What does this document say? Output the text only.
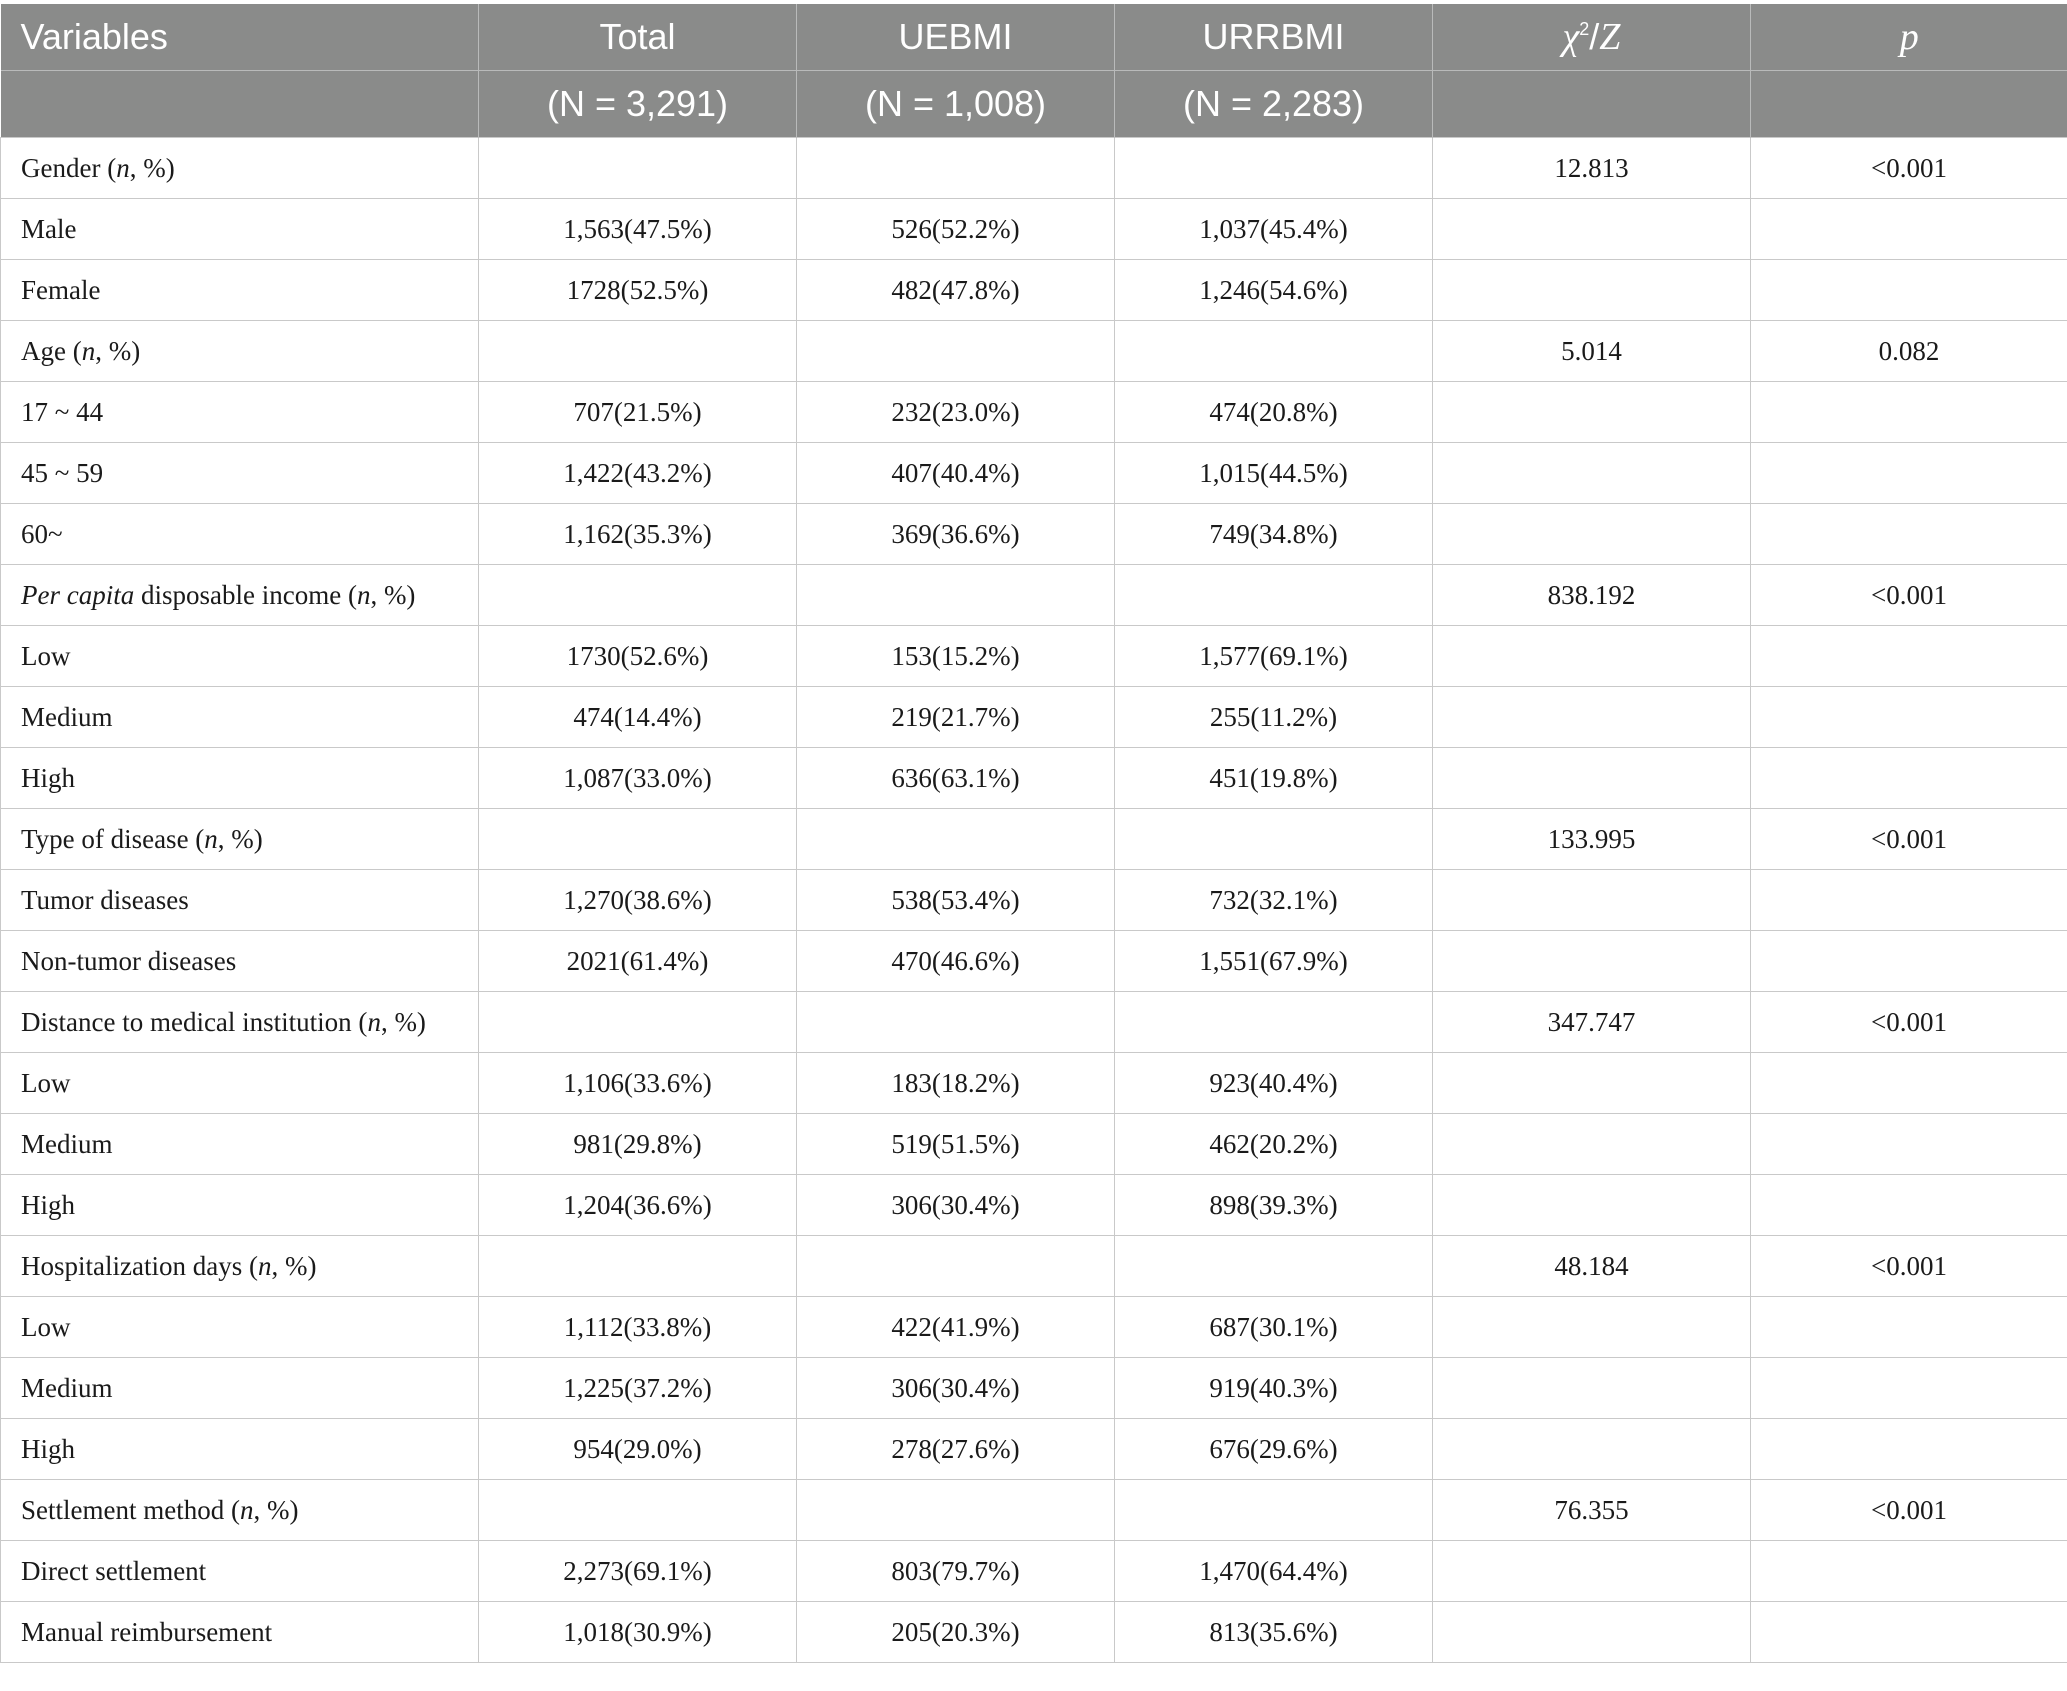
Variables	Total	UEBMI	URRBMI	$\chi^2/Z$	p
	(N = 3,291)	(N = 1,008)	(N = 2,283)		
Gender (n, %)				12.813	<0.001
Male	1,563(47.5%)	526(52.2%)	1,037(45.4%)		
Female	1728(52.5%)	482(47.8%)	1,246(54.6%)		
Age (n, %)				5.014	0.082
17 ~ 44	707(21.5%)	232(23.0%)	474(20.8%)		
45 ~ 59	1,422(43.2%)	407(40.4%)	1,015(44.5%)		
60~	1,162(35.3%)	369(36.6%)	749(34.8%)		
Per capita disposable income (n, %)				838.192	<0.001
Low	1730(52.6%)	153(15.2%)	1,577(69.1%)		
Medium	474(14.4%)	219(21.7%)	255(11.2%)		
High	1,087(33.0%)	636(63.1%)	451(19.8%)		
Type of disease (n, %)				133.995	<0.001
Tumor diseases	1,270(38.6%)	538(53.4%)	732(32.1%)		
Non-tumor diseases	2021(61.4%)	470(46.6%)	1,551(67.9%)		
Distance to medical institution (n, %)				347.747	<0.001
Low	1,106(33.6%)	183(18.2%)	923(40.4%)		
Medium	981(29.8%)	519(51.5%)	462(20.2%)		
High	1,204(36.6%)	306(30.4%)	898(39.3%)		
Hospitalization days (n, %)				48.184	<0.001
Low	1,112(33.8%)	422(41.9%)	687(30.1%)		
Medium	1,225(37.2%)	306(30.4%)	919(40.3%)		
High	954(29.0%)	278(27.6%)	676(29.6%)		
Settlement method (n, %)				76.355	<0.001
Direct settlement	2,273(69.1%)	803(79.7%)	1,470(64.4%)		
Manual reimbursement	1,018(30.9%)	205(20.3%)	813(35.6%)		
